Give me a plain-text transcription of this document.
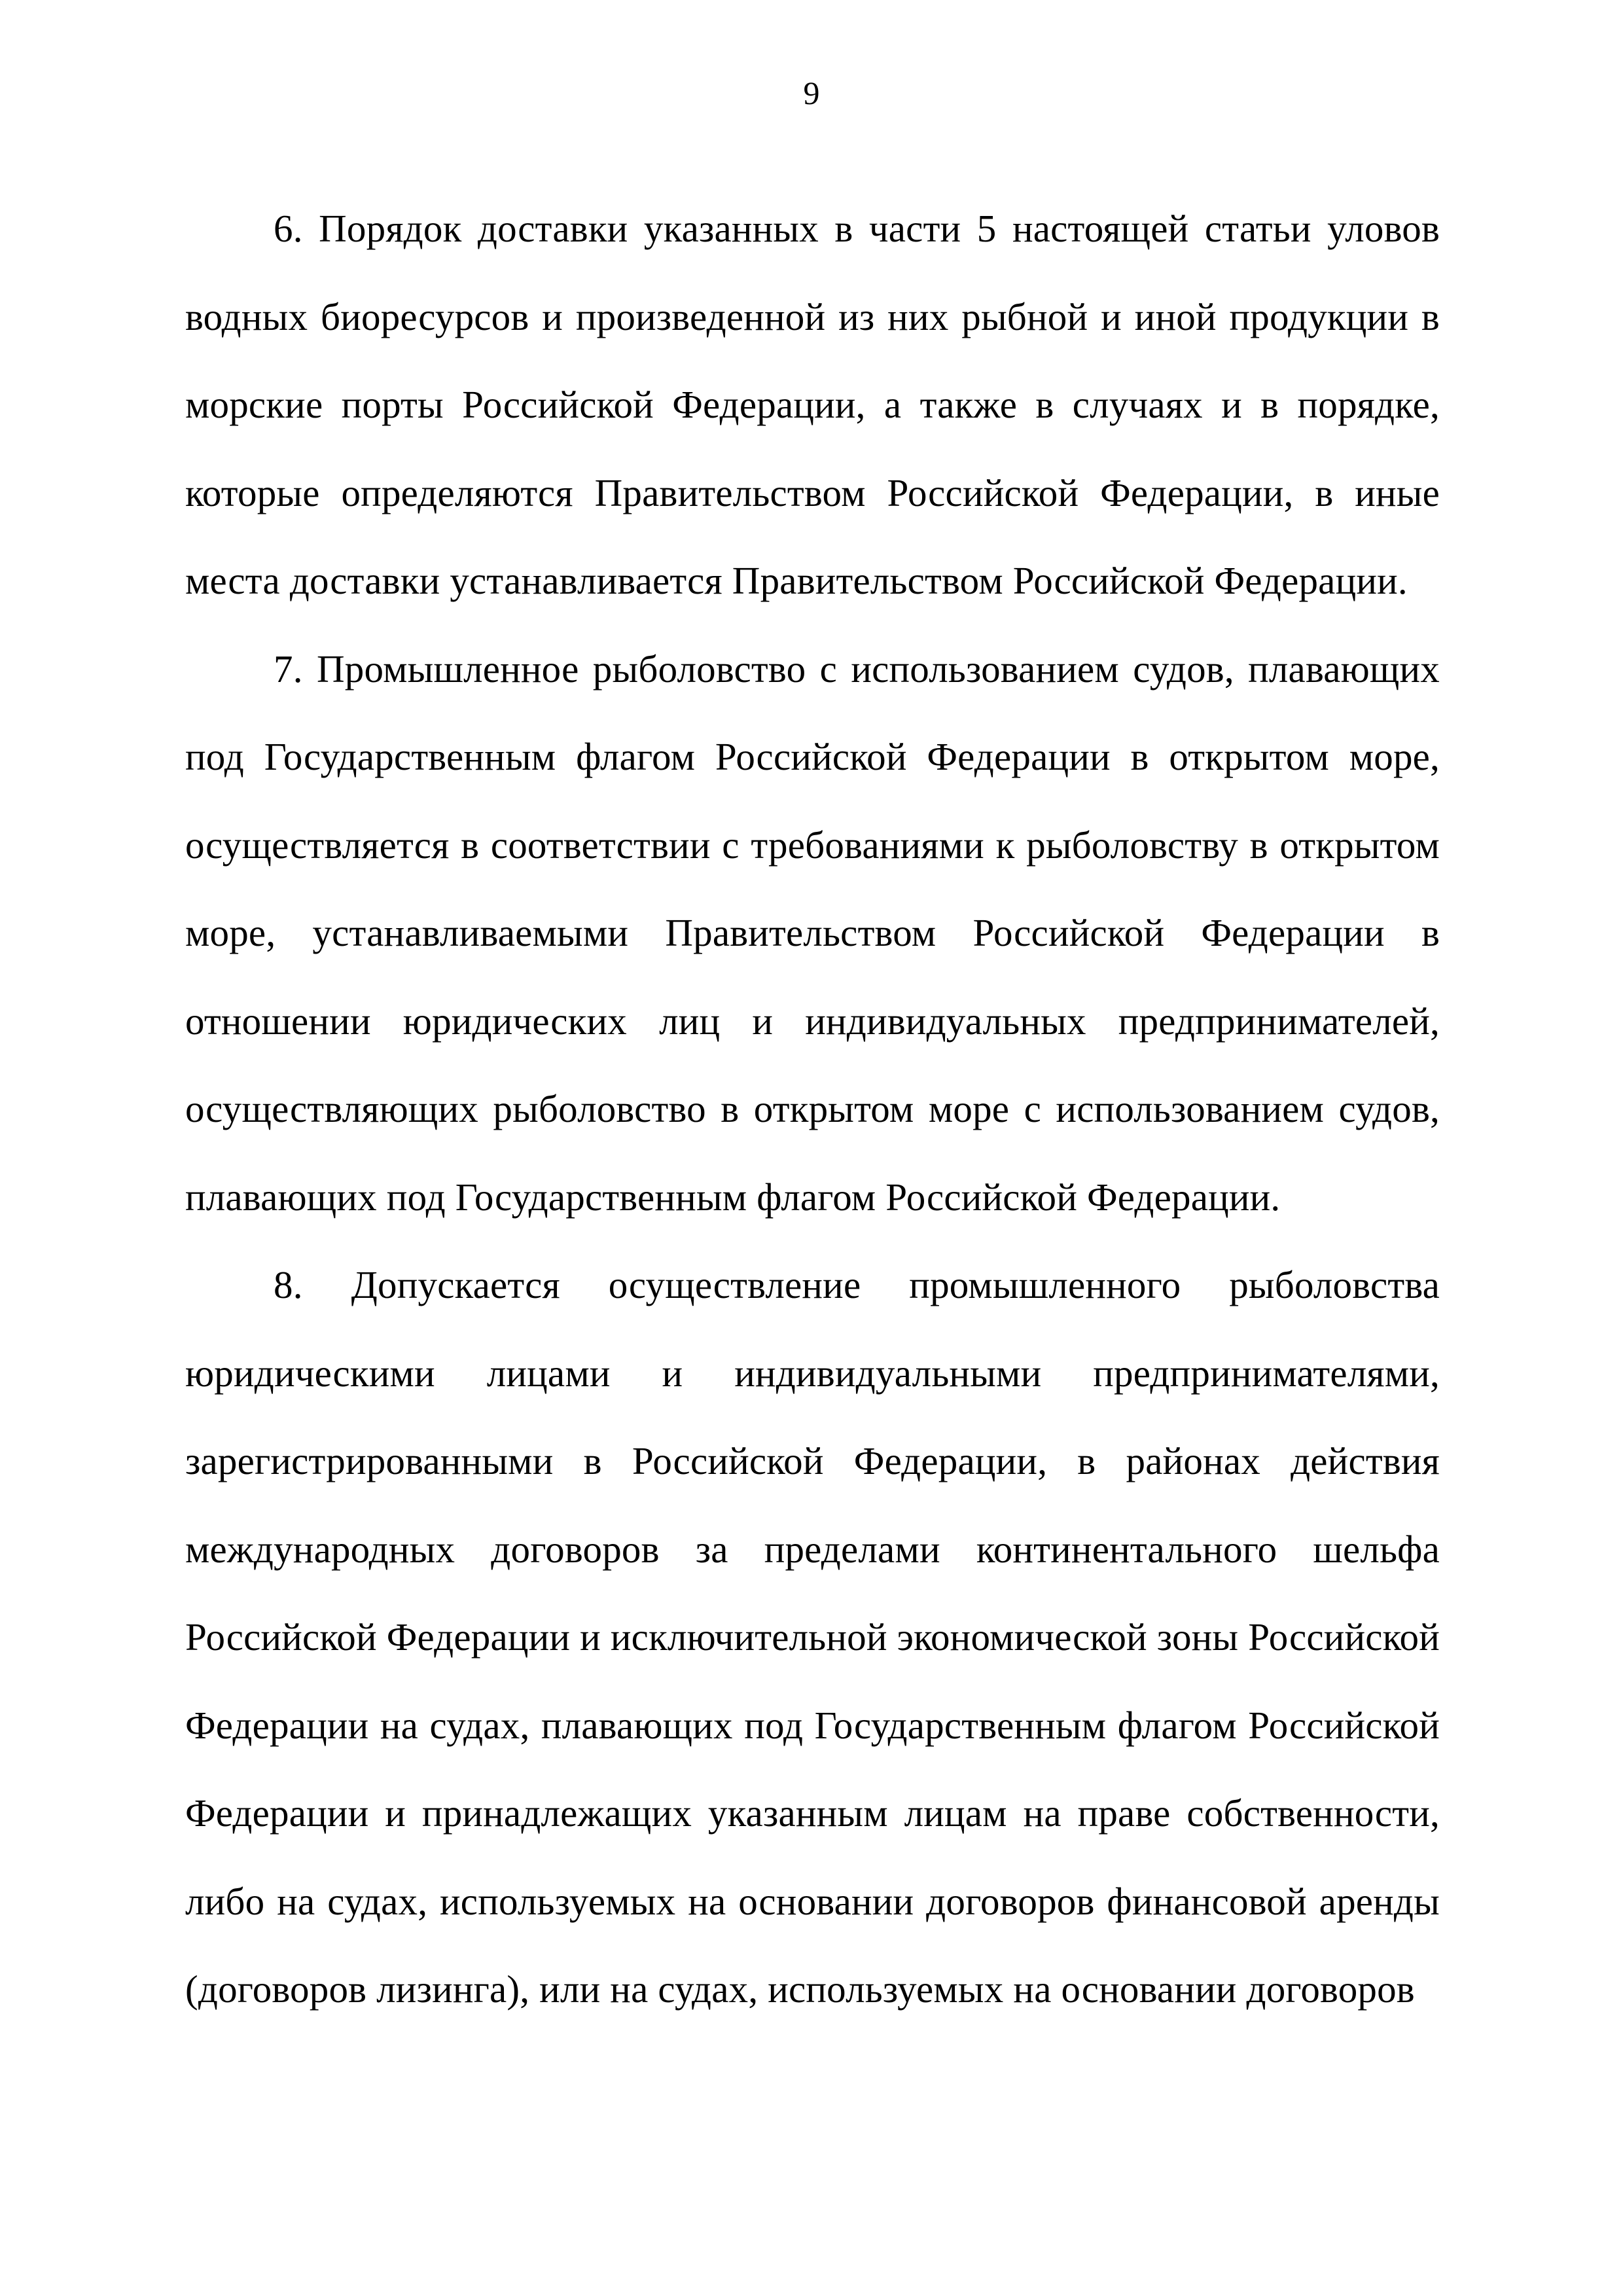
9

6. Порядок доставки указанных в части 5 настоящей статьи уловов водных биоресурсов и произведенной из них рыбной и иной продукции в морские порты Российской Федерации, а также в случаях и в порядке, которые определяются Правительством Российской Федерации, в иные места доставки устанавливается Правительством Российской Федерации.

7. Промышленное рыболовство с использованием судов, плавающих под Государственным флагом Российской Федерации в открытом море, осуществляется в соответствии с требованиями к рыболовству в открытом море, устанавливаемыми Правительством Российской Федерации в отношении юридических лиц и индивидуальных предпринимателей, осуществляющих рыболовство в открытом море с использованием судов, плавающих под Государственным флагом Российской Федерации.

8. Допускается осуществление промышленного рыболовства юридическими лицами и индивидуальными предпринимателями, зарегистрированными в Российской Федерации, в районах действия международных договоров за пределами континентального шельфа Российской Федерации и исключительной экономической зоны Российской Федерации на судах, плавающих под Государственным флагом Российской Федерации и принадлежащих указанным лицам на праве собственности, либо на судах, используемых на основании договоров финансовой аренды (договоров лизинга), или на судах, используемых на основании договоров
